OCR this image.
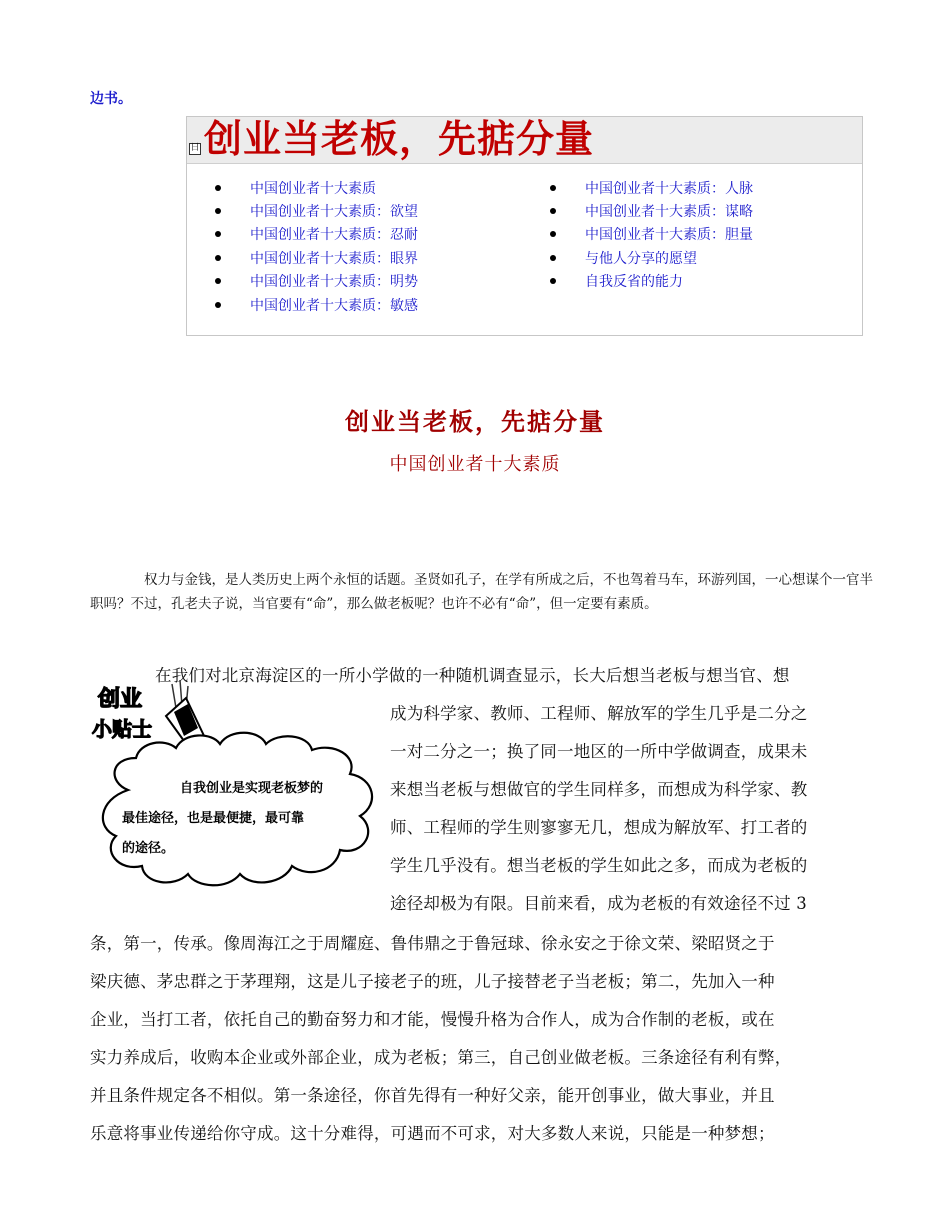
边书。
日 创业当老板，先掂分量
中国创业者十大素质
中国创业者十大素质：欲望
中国创业者十大素质：忍耐
中国创业者十大素质：眼界
中国创业者十大素质：明势
中国创业者十大素质：敏感
中国创业者十大素质：人脉
中国创业者十大素质：谋略
中国创业者十大素质：胆量
与他人分享的愿望
自我反省的能力
创业当老板，先掂分量
中国创业者十大素质

权力与金钱，是人类历史上两个永恒的话题。圣贤如孔子，在学有所成之后，不也驾着马车，环游列国，一心想谋个一官半职吗？不过，孔老夫子说，当官要有“命”，那么做老板呢？也许不必有“命”，但一定要有素质。

在我们对北京海淀区的一所小学做的一种随机调查显示，长大后想当老板与想当官、想
成为科学家、教师、工程师、解放军的学生几乎是二分之
一对二分之一；换了同一地区的一所中学做调查，成果未
来想当老板与想做官的学生同样多，而想成为科学家、教
师、工程师的学生则寥寥无几，想成为解放军、打工者的
学生几乎没有。想当老板的学生如此之多，而成为老板的
途径却极为有限。目前来看，成为老板的有效途径不过 3
条，第一，传承。像周海江之于周耀庭、鲁伟鼎之于鲁冠球、徐永安之于徐文荣、梁昭贤之于
梁庆德、茅忠群之于茅理翔，这是儿子接老子的班，儿子接替老子当老板；第二，先加入一种
企业，当打工者，依托自己的勤奋努力和才能，慢慢升格为合作人，成为合作制的老板，或在
实力养成后，收购本企业或外部企业，成为老板；第三，自己创业做老板。三条途径有利有弊，
并且条件规定各不相似。第一条途径，你首先得有一种好父亲，能开创事业，做大事业，并且
乐意将事业传递给你守成。这十分难得，可遇而不可求，对大多数人来说，只能是一种梦想；
创业
小贴士
自我创业是实现老板梦的
最佳途径，也是最便捷，最可靠
的途径。
